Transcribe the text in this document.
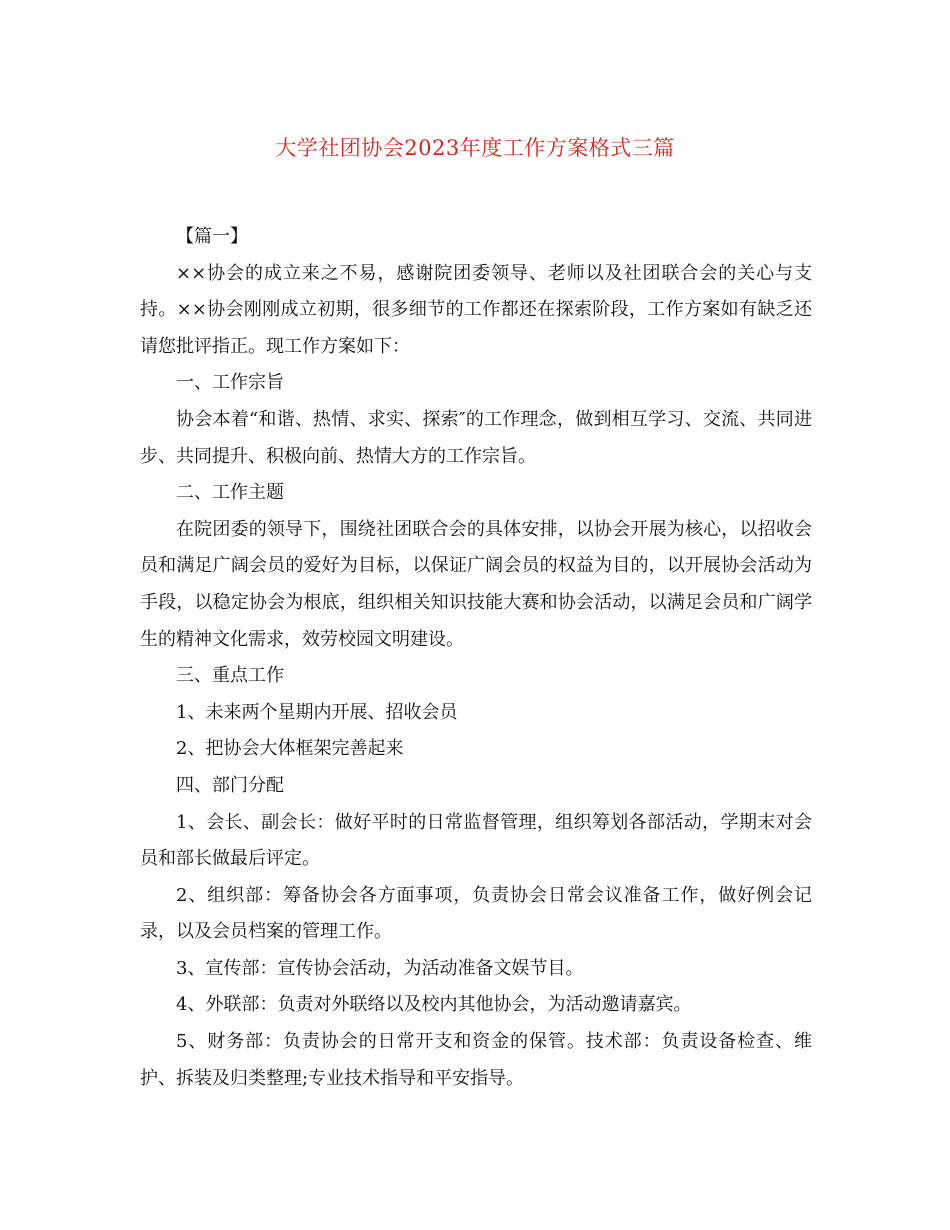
大学社团协会2023年度工作方案格式三篇

【篇一】

××协会的成立来之不易，感谢院团委领导、老师以及社团联合会的关心与支持。××协会刚刚成立初期，很多细节的工作都还在探索阶段，工作方案如有缺乏还请您批评指正。现工作方案如下：

一、工作宗旨

协会本着“和谐、热情、求实、探索″的工作理念，做到相互学习、交流、共同进步、共同提升、积极向前、热情大方的工作宗旨。

二、工作主题

在院团委的领导下，围绕社团联合会的具体安排，以协会开展为核心，以招收会员和满足广阔会员的爱好为目标，以保证广阔会员的权益为目的，以开展协会活动为手段，以稳定协会为根底，组织相关知识技能大赛和协会活动，以满足会员和广阔学生的精神文化需求，效劳校园文明建设。

三、重点工作

1、未来两个星期内开展、招收会员

2、把协会大体框架完善起来

四、部门分配

1、会长、副会长：做好平时的日常监督管理，组织筹划各部活动，学期末对会员和部长做最后评定。

2、组织部：筹备协会各方面事项，负责协会日常会议准备工作，做好例会记录，以及会员档案的管理工作。

3、宣传部：宣传协会活动，为活动准备文娱节目。

4、外联部：负责对外联络以及校内其他协会，为活动邀请嘉宾。

5、财务部：负责协会的日常开支和资金的保管。技术部：负责设备检查、维护、拆装及归类整理;专业技术指导和平安指导。
